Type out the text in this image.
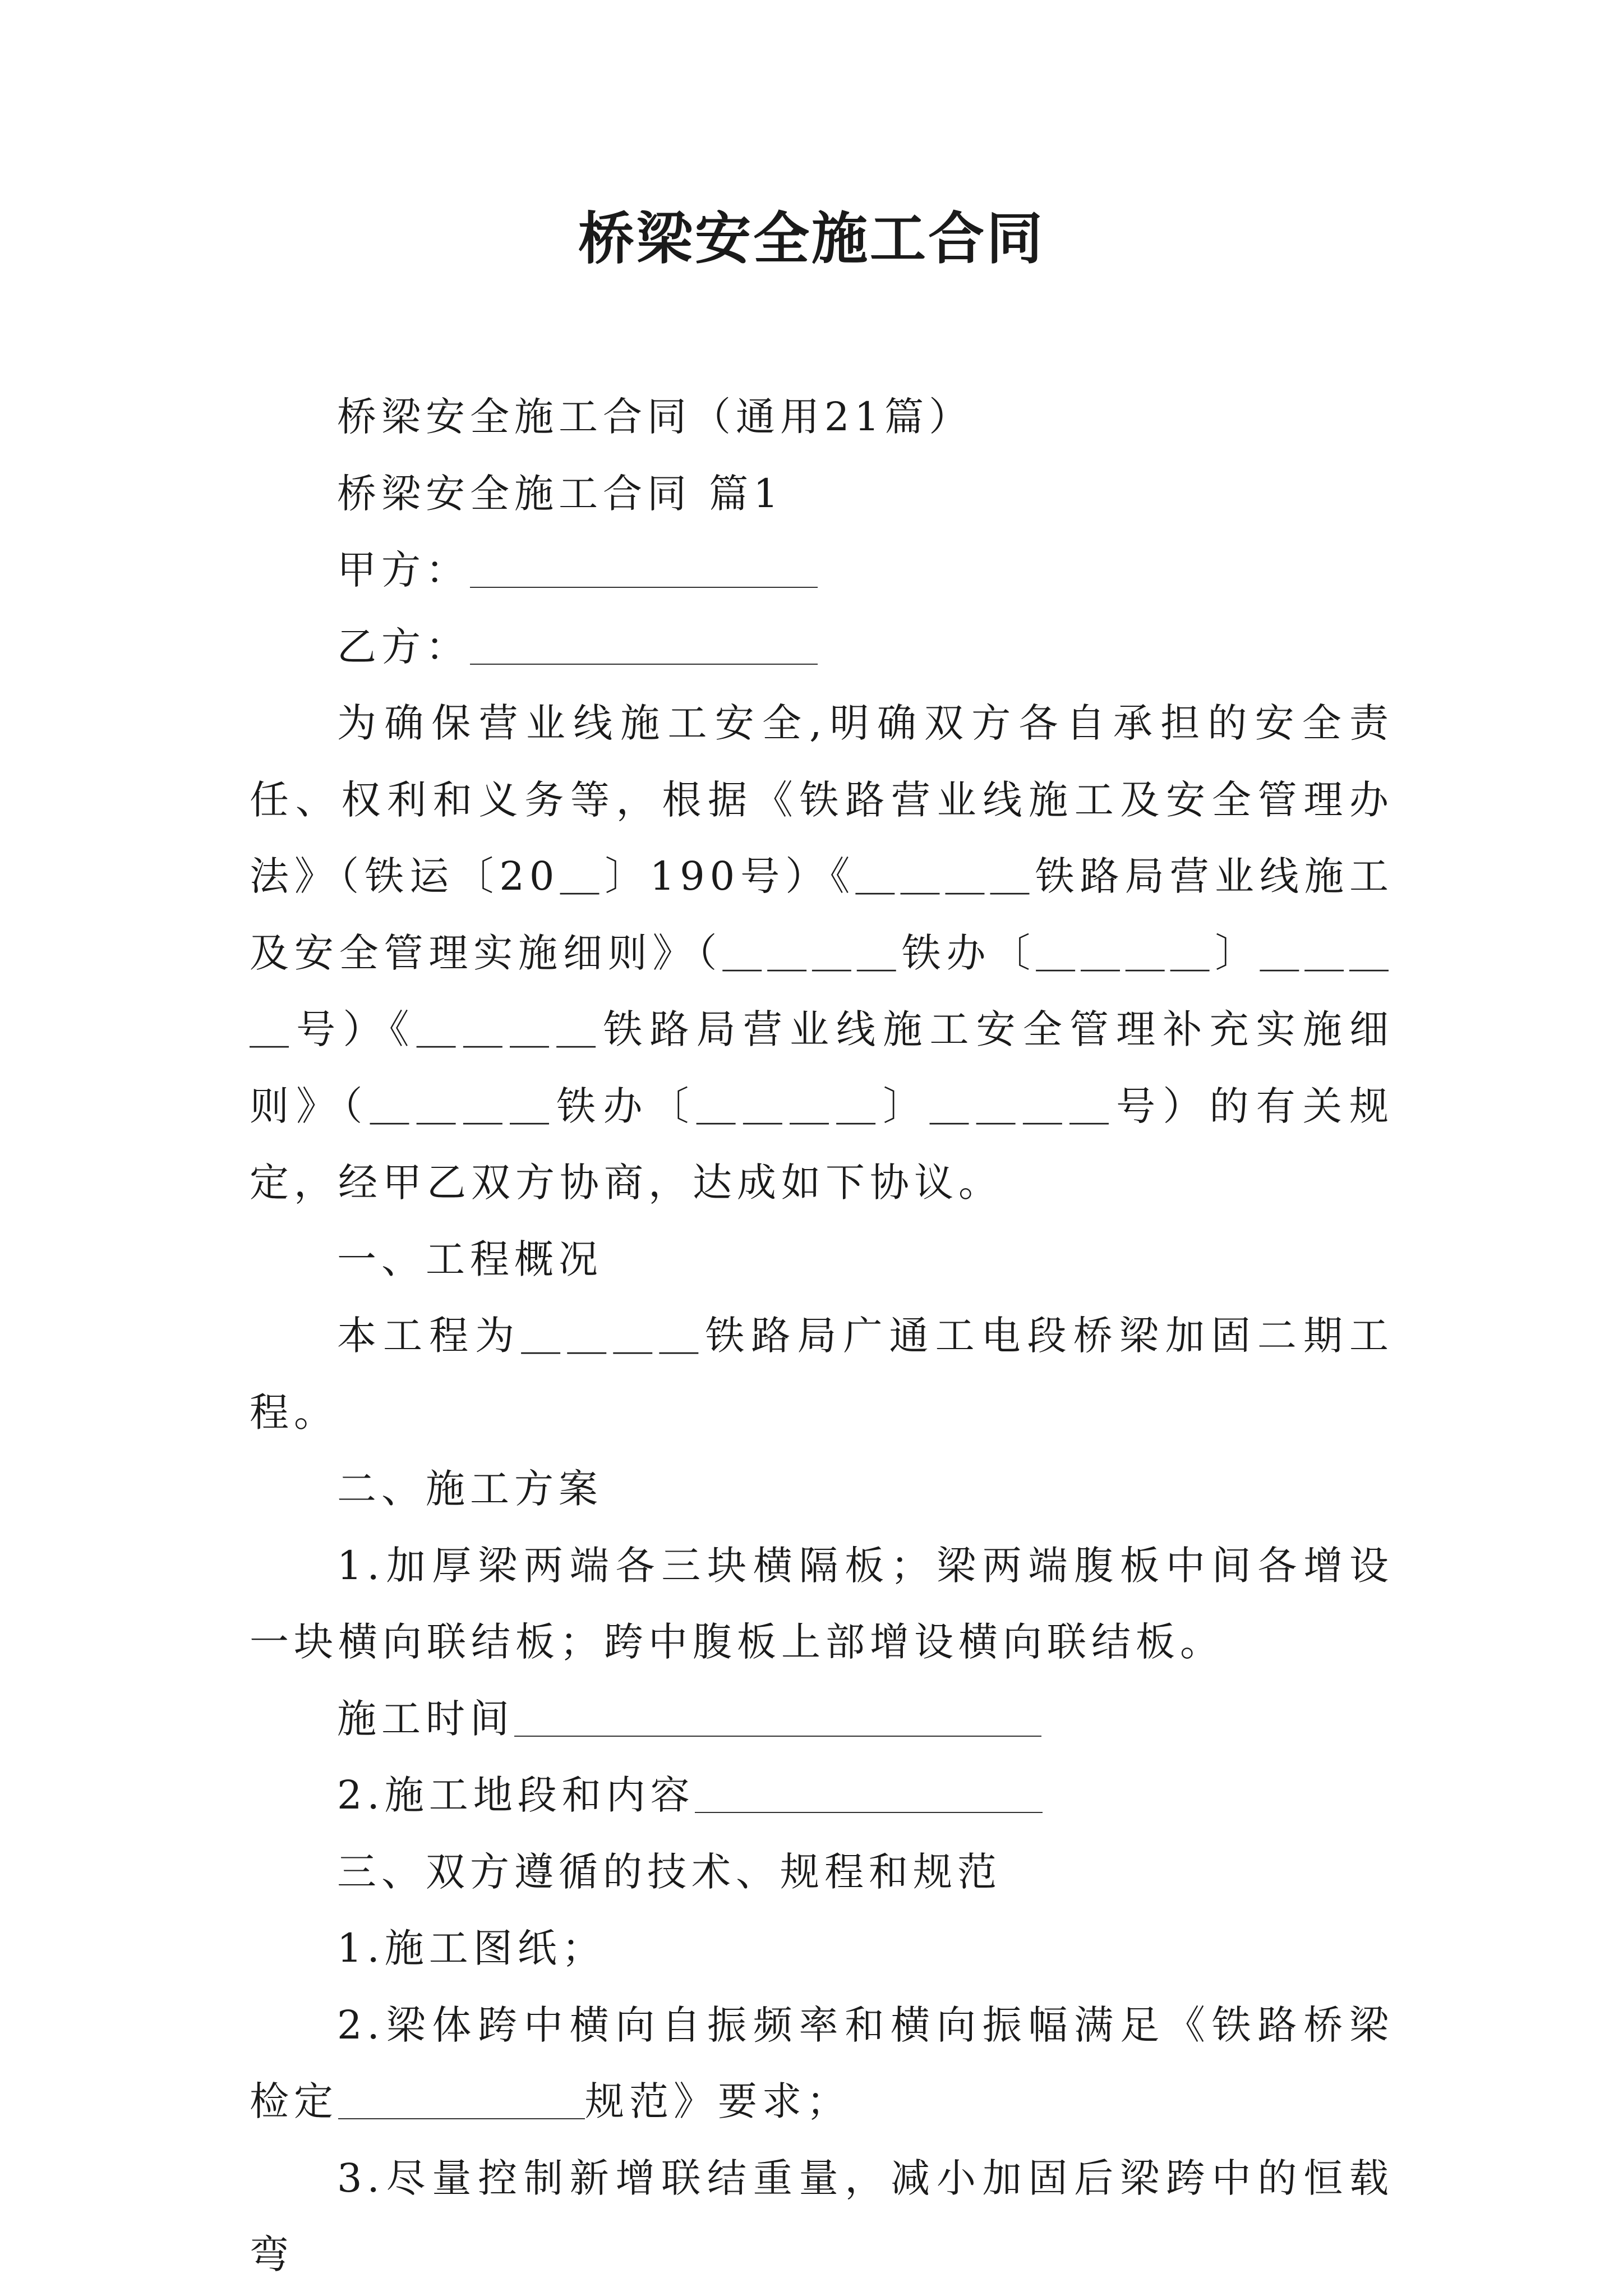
桥梁安全施工合同

桥梁安全施工合同（通用21篇）

桥梁安全施工合同 篇1

甲方：

乙方：

为确保营业线施工安全,明确双方各自承担的安全责任、权利和义务等，根据《铁路营业线施工及安全管理办法》（铁运〔20＿〕190号）《＿＿＿＿铁路局营业线施工及安全管理实施细则》（＿＿＿＿铁办〔＿＿＿＿〕＿＿＿＿号）《＿＿＿＿铁路局营业线施工安全管理补充实施细则》（＿＿＿＿铁办〔＿＿＿＿〕＿＿＿＿号）的有关规定，经甲乙双方协商，达成如下协议。

一、工程概况

本工程为＿＿＿＿铁路局广通工电段桥梁加固二期工程。

二、施工方案

1.加厚梁两端各三块横隔板；梁两端腹板中间各增设一块横向联结板；跨中腹板上部增设横向联结板。

施工时间

2.施工地段和内容

三、双方遵循的技术、规程和规范

1.施工图纸；

2.梁体跨中横向自振频率和横向振幅满足《铁路桥梁检定	规范》要求；

3.尽量控制新增联结重量，减小加固后梁跨中的恒载弯
